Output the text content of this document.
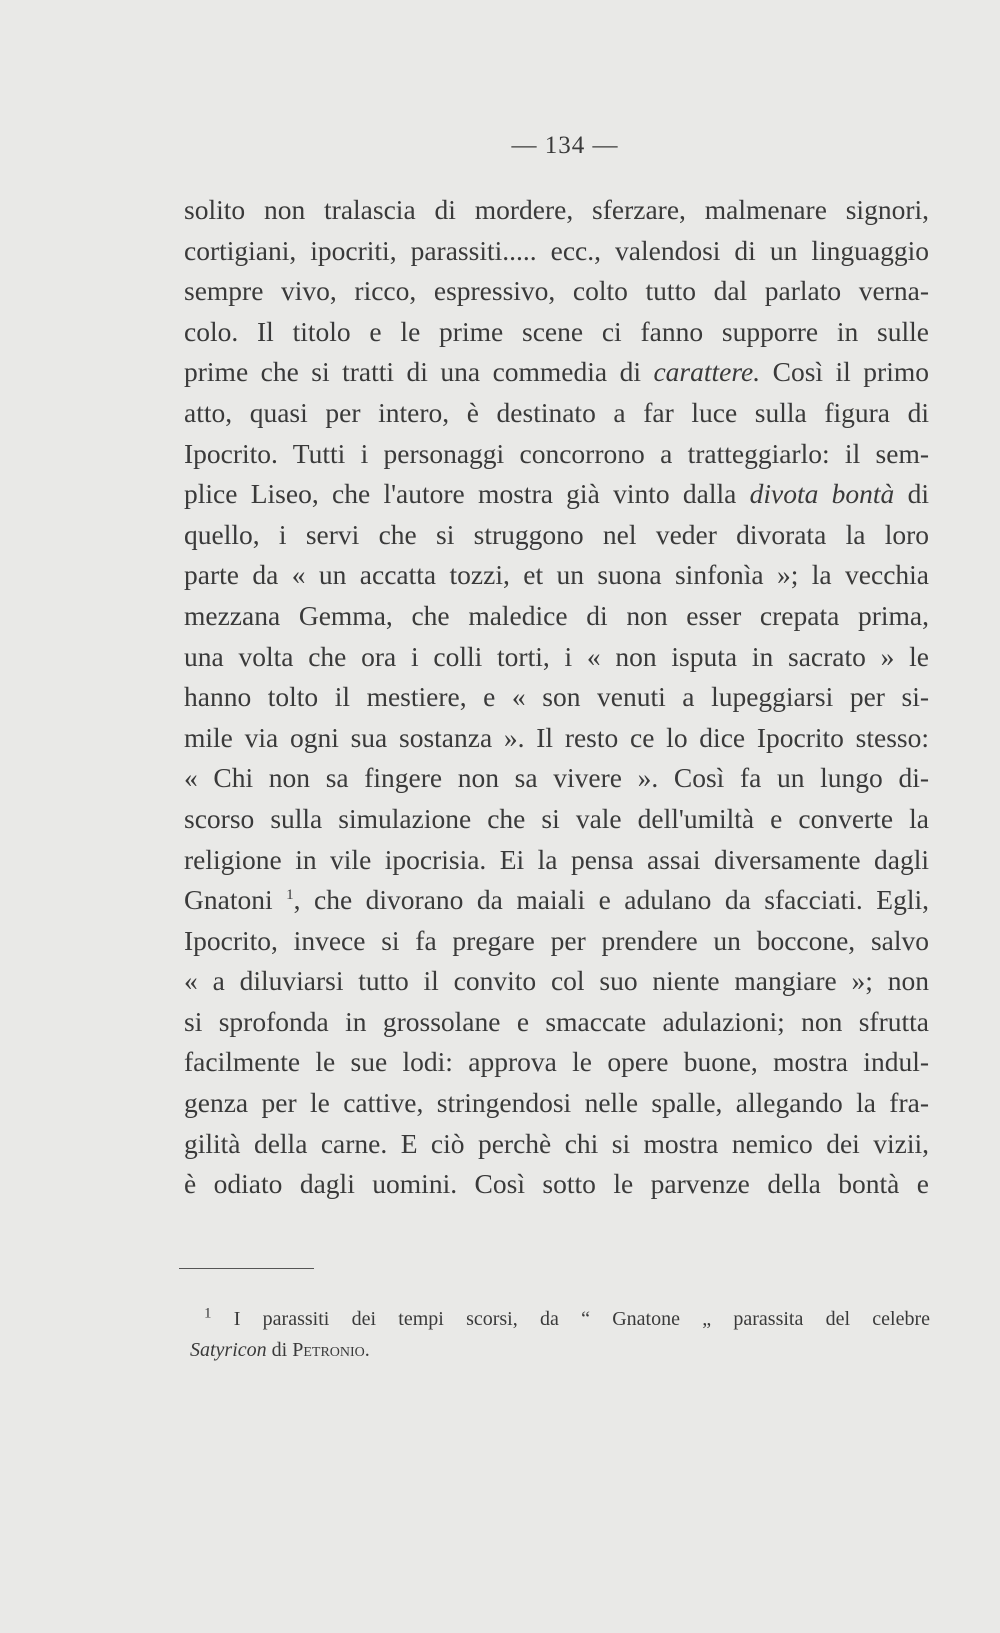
— 134 —
solito non tralascia di mordere, sferzare, malmenare signori,
cortigiani, ipocriti, parassiti..... ecc., valendosi di un linguaggio
sempre vivo, ricco, espressivo, colto tutto dal parlato verna-
colo. Il titolo e le prime scene ci fanno supporre in sulle
prime che si tratti di una commedia di carattere. Così il primo
atto, quasi per intero, è destinato a far luce sulla figura di
Ipocrito. Tutti i personaggi concorrono a tratteggiarlo: il sem-
plice Liseo, che l'autore mostra già vinto dalla divota bontà di
quello, i servi che si struggono nel veder divorata la loro
parte da « un accatta tozzi, et un suona sinfonìa »; la vecchia
mezzana Gemma, che maledice di non esser crepata prima,
una volta che ora i colli torti, i « non isputa in sacrato » le
hanno tolto il mestiere, e « son venuti a lupeggiarsi per si-
mile via ogni sua sostanza ». Il resto ce lo dice Ipocrito stesso:
« Chi non sa fingere non sa vivere ». Così fa un lungo di-
scorso sulla simulazione che si vale dell'umiltà e converte la
religione in vile ipocrisia. Ei la pensa assai diversamente dagli
Gnatoni $^1$, che divorano da maiali e adulano da sfacciati. Egli,
Ipocrito, invece si fa pregare per prendere un boccone, salvo
« a diluviarsi tutto il convito col suo niente mangiare »; non
si sprofonda in grossolane e smaccate adulazioni; non sfrutta
facilmente le sue lodi: approva le opere buone, mostra indul-
genza per le cattive, stringendosi nelle spalle, allegando la fra-
gilità della carne. E ciò perchè chi si mostra nemico dei vizii,
è odiato dagli uomini. Così sotto le parvenze della bontà e
$^1$ I parassiti dei tempi scorsi, da “ Gnatone „ parassita del celebre
Satyricon di Petronio.
